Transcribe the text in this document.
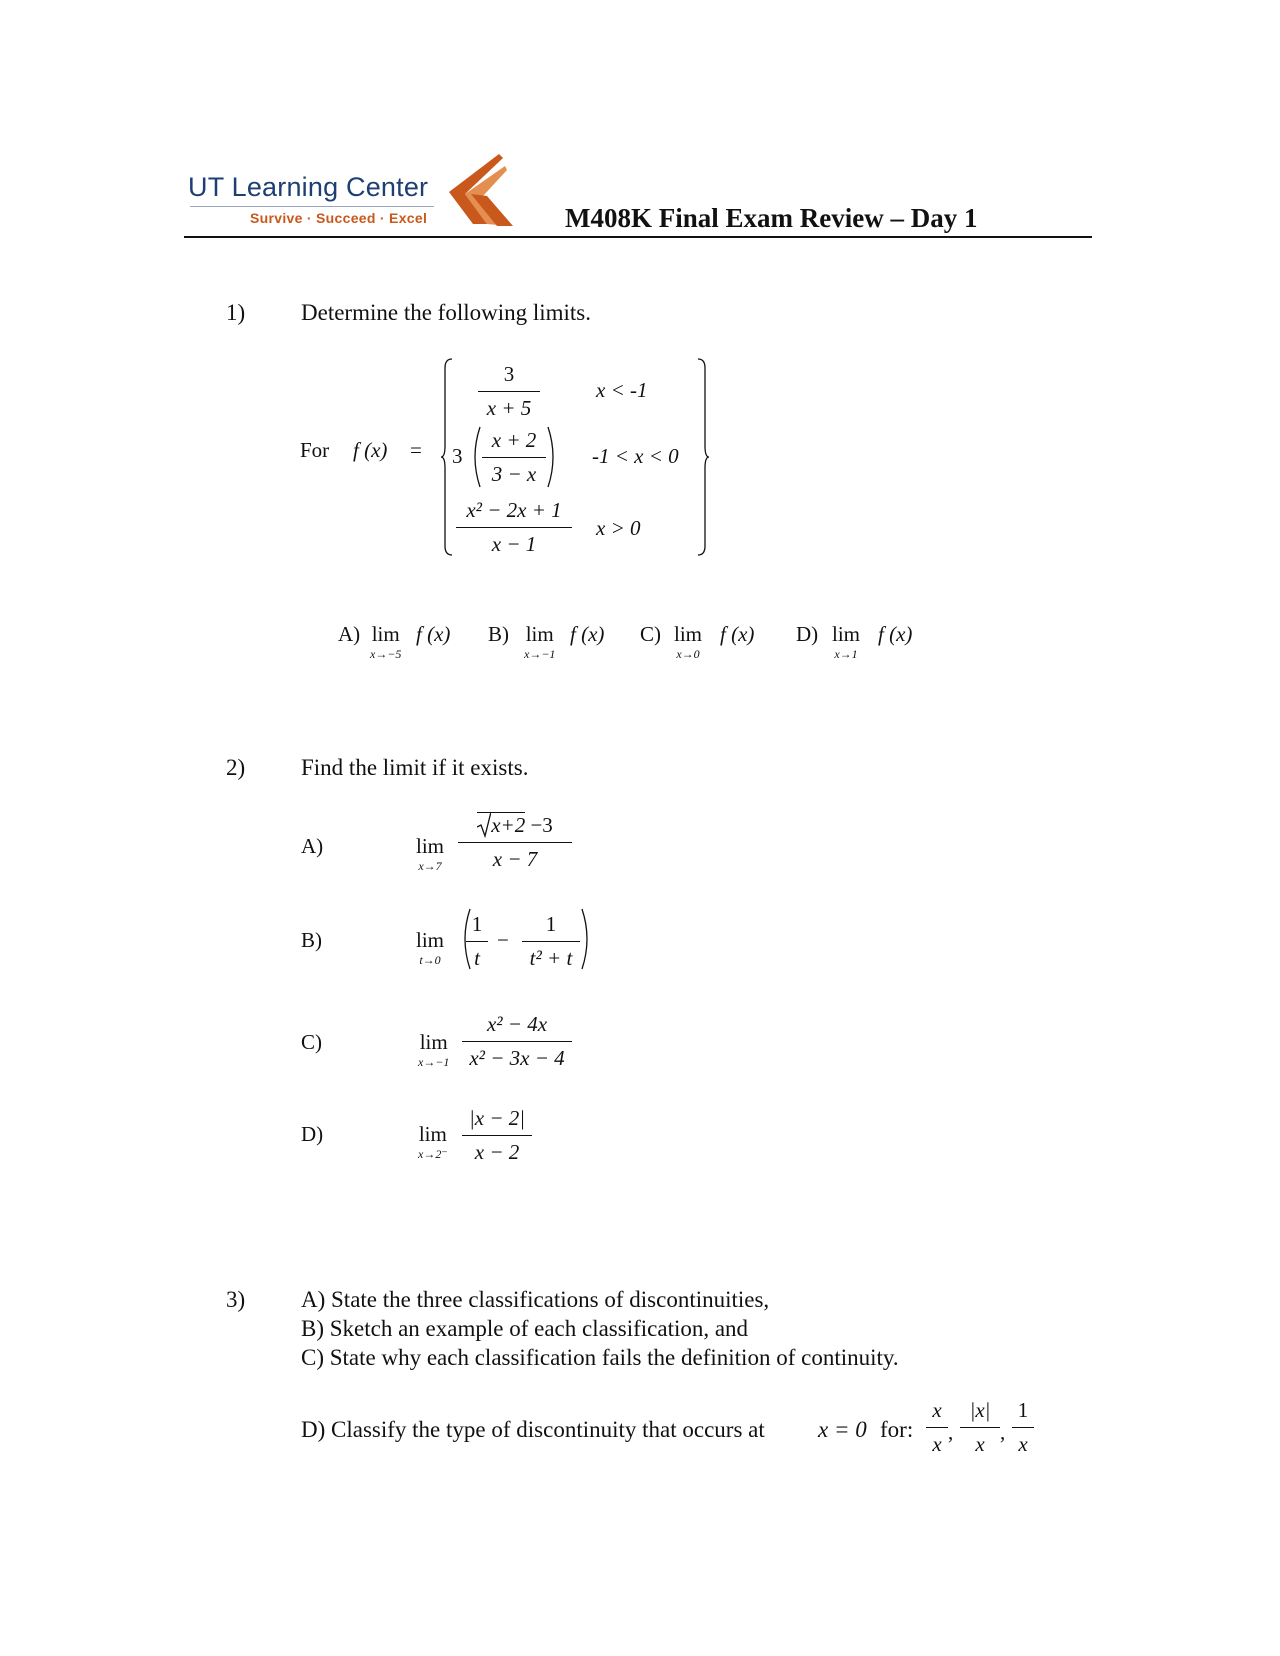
UT Learning Center
Survive · Succeed · Excel	M408K Final Exam Review – Day 1
1) Determine the following limits.
For f (x) =
3
x + 5
x < -1
3
x + 2
3 − x
-1 < x < 0
x² − 2x + 1
x − 1
x > 0
A) lim
x→−5
f (x) B) lim
x→−1
f (x) C) lim
x→0
f (x) D) lim
x→1
f (x)
2) Find the limit if it exists.
A)	lim
x→7
x+2 −3
x − 7
B)	lim
t→0
1
t
−
1
t² + t
C)	lim
x→−1
x² − 4x
x² − 3x − 4
D)	lim
x→2⁻
|x − 2|
x − 2
3) A) State the three classifications of discontinuities,
B) Sketch an example of each classification, and
C) State why each classification fails the definition of continuity.
D) Classify the type of discontinuity that occurs at x = 0 for:
x
x ,
|x|
x ,
1
x
